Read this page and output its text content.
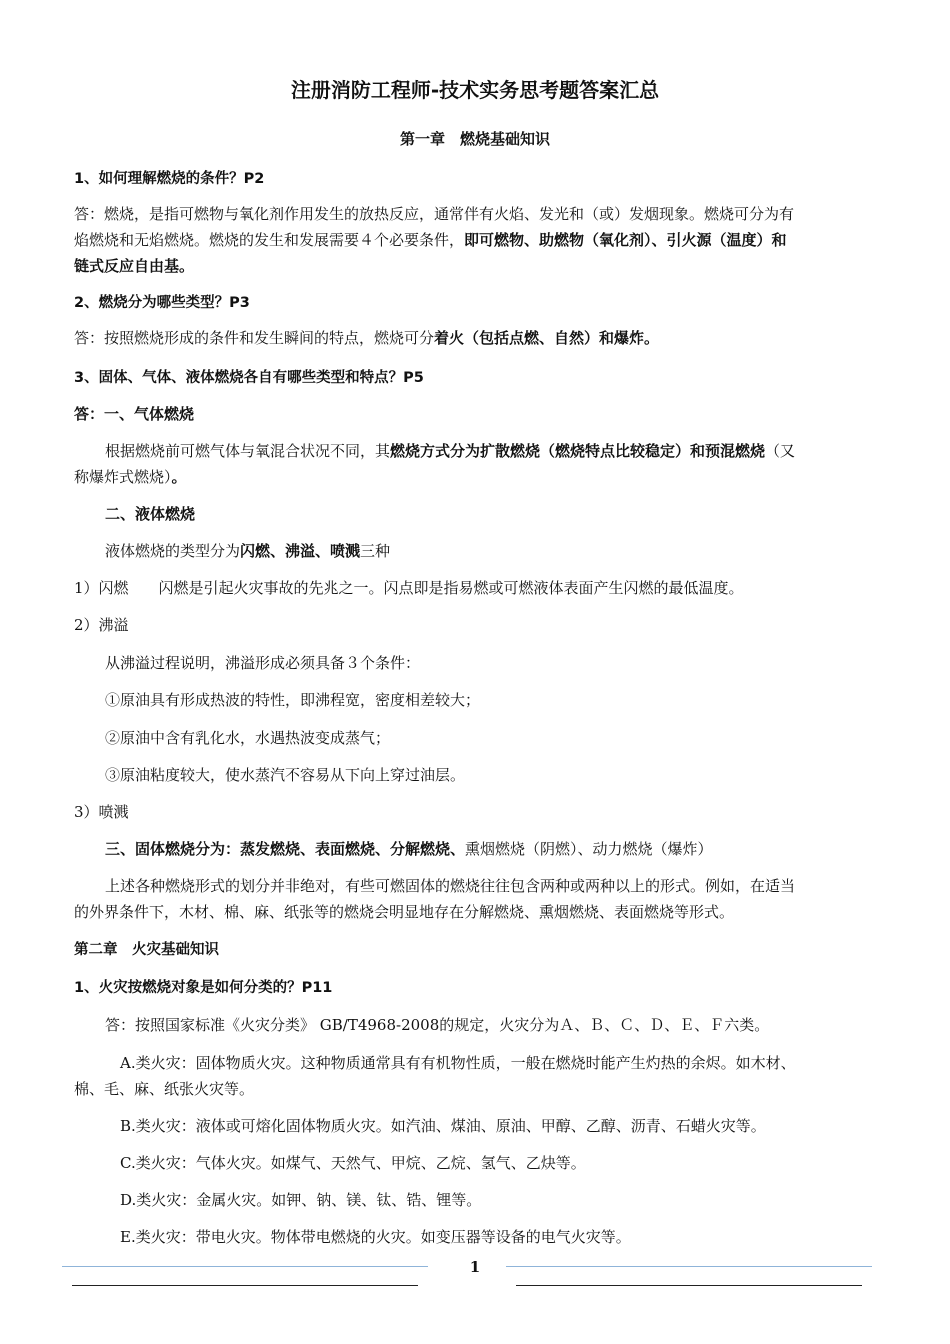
注册消防工程师-技术实务思考题答案汇总
第一章　燃烧基础知识
1、如何理解燃烧的条件？P2
答：燃烧，是指可燃物与氧化剂作用发生的放热反应，通常伴有火焰、发光和（或）发烟现象。燃烧可分为有
焰燃烧和无焰燃烧。燃烧的发生和发展需要４个必要条件，即可燃物、助燃物（氧化剂）、引火源（温度）和
链式反应自由基。
2、燃烧分为哪些类型？P3
答：按照燃烧形成的条件和发生瞬间的特点，燃烧可分着火（包括点燃、自然）和爆炸。
3、固体、气体、液体燃烧各自有哪些类型和特点？P5
答：一、气体燃烧
根据燃烧前可燃气体与氧混合状况不同，其燃烧方式分为扩散燃烧（燃烧特点比较稳定）和预混燃烧（又
称爆炸式燃烧）。
二、液体燃烧
液体燃烧的类型分为闪燃、沸溢、喷溅三种
1）闪燃　　闪燃是引起火灾事故的先兆之一。闪点即是指易燃或可燃液体表面产生闪燃的最低温度。
2）沸溢
从沸溢过程说明，沸溢形成必须具备３个条件：
①原油具有形成热波的特性，即沸程宽，密度相差较大；
②原油中含有乳化水，水遇热波变成蒸气；
③原油粘度较大，使水蒸汽不容易从下向上穿过油层。
3）喷溅
三、固体燃烧分为：蒸发燃烧、表面燃烧、分解燃烧、熏烟燃烧（阴燃）、动力燃烧（爆炸）
上述各种燃烧形式的划分并非绝对，有些可燃固体的燃烧往往包含两种或两种以上的形式。例如，在适当
的外界条件下，木材、棉、麻、纸张等的燃烧会明显地存在分解燃烧、熏烟燃烧、表面燃烧等形式。
第二章　火灾基础知识
1、火灾按燃烧对象是如何分类的？P11
答：按照国家标准《火灾分类》 GB/T4968-2008的规定，火灾分为Ａ、Ｂ、Ｃ、Ｄ、Ｅ、Ｆ六类。
A.类火灾：固体物质火灾。这种物质通常具有有机物性质，一般在燃烧时能产生灼热的余烬。如木材、
棉、毛、麻、纸张火灾等。
B.类火灾：液体或可熔化固体物质火灾。如汽油、煤油、原油、甲醇、乙醇、沥青、石蜡火灾等。
C.类火灾：气体火灾。如煤气、天然气、甲烷、乙烷、氢气、乙炔等。
D.类火灾：金属火灾。如钾、钠、镁、钛、锆、锂等。
E.类火灾：带电火灾。物体带电燃烧的火灾。如变压器等设备的电气火灾等。
1
